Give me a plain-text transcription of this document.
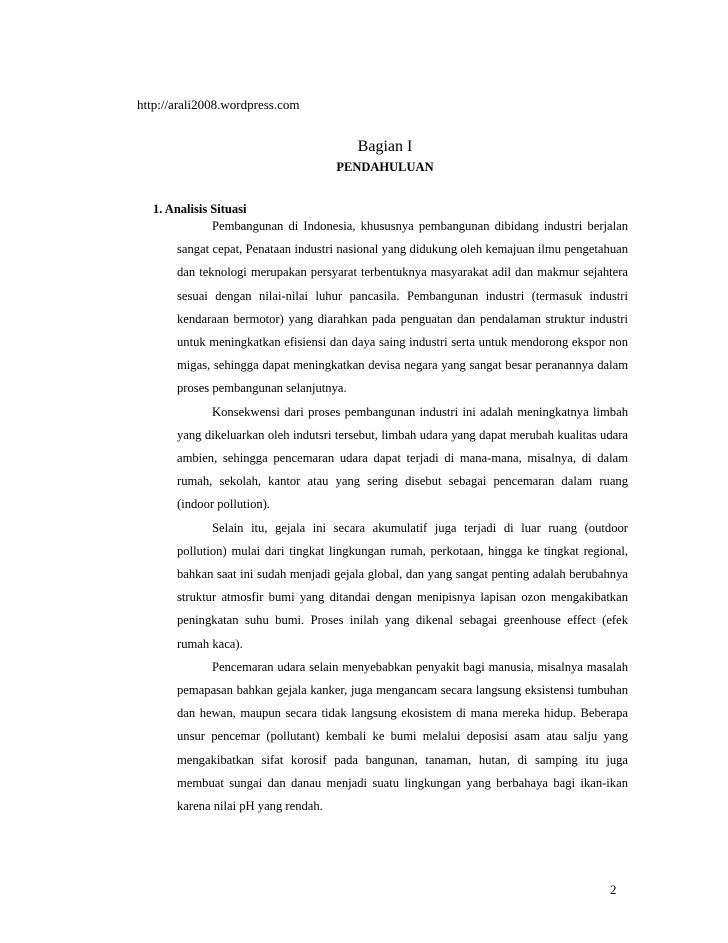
http://arali2008.wordpress.com
Bagian I
PENDAHULUAN
1. Analisis Situasi

Pembangunan di Indonesia, khususnya pembangunan dibidang industri berjalan sangat cepat, Penataan industri nasional yang didukung oleh kemajuan ilmu pengetahuan dan teknologi merupakan persyarat terbentuknya masyarakat adil dan makmur sejahtera sesuai dengan nilai-nilai luhur pancasila. Pembangunan industri (termasuk industri kendaraan bermotor) yang diarahkan pada penguatan dan pendalaman struktur industri untuk meningkatkan efisiensi dan daya saing industri serta untuk mendorong ekspor non migas, sehingga dapat meningkatkan devisa negara yang sangat besar peranannya dalam proses pembangunan selanjutnya.

Konsekwensi dari proses pembangunan industri ini adalah meningkatnya limbah yang dikeluarkan oleh indutsri tersebut, limbah udara yang dapat merubah kualitas udara ambien, sehingga pencemaran udara dapat terjadi di mana-mana, misalnya, di dalam rumah, sekolah, kantor atau yang sering disebut sebagai pencemaran dalam ruang (indoor pollution).

Selain itu, gejala ini secara akumulatif juga terjadi di luar ruang (outdoor pollution) mulai dari tingkat lingkungan rumah, perkotaan, hingga ke tingkat regional, bahkan saat ini sudah menjadi gejala global, dan yang sangat penting adalah berubahnya struktur atmosfir bumi yang ditandai dengan menipisnya lapisan ozon mengakibatkan peningkatan suhu bumi. Proses inilah yang dikenal sebagai greenhouse effect (efek rumah kaca).

Pencemaran udara selain menyebabkan penyakit bagi manusia, misalnya masalah pemapasan bahkan gejala kanker, juga mengancam secara langsung eksistensi tumbuhan dan hewan, maupun secara tidak langsung ekosistem di mana mereka hidup. Beberapa unsur pencemar (pollutant) kembali ke bumi melalui deposisi asam atau salju yang mengakibatkan sifat korosif pada bangunan, tanaman, hutan, di samping itu juga membuat sungai dan danau menjadi suatu lingkungan yang berbahaya bagi ikan-ikan karena nilai pH yang rendah.

2
